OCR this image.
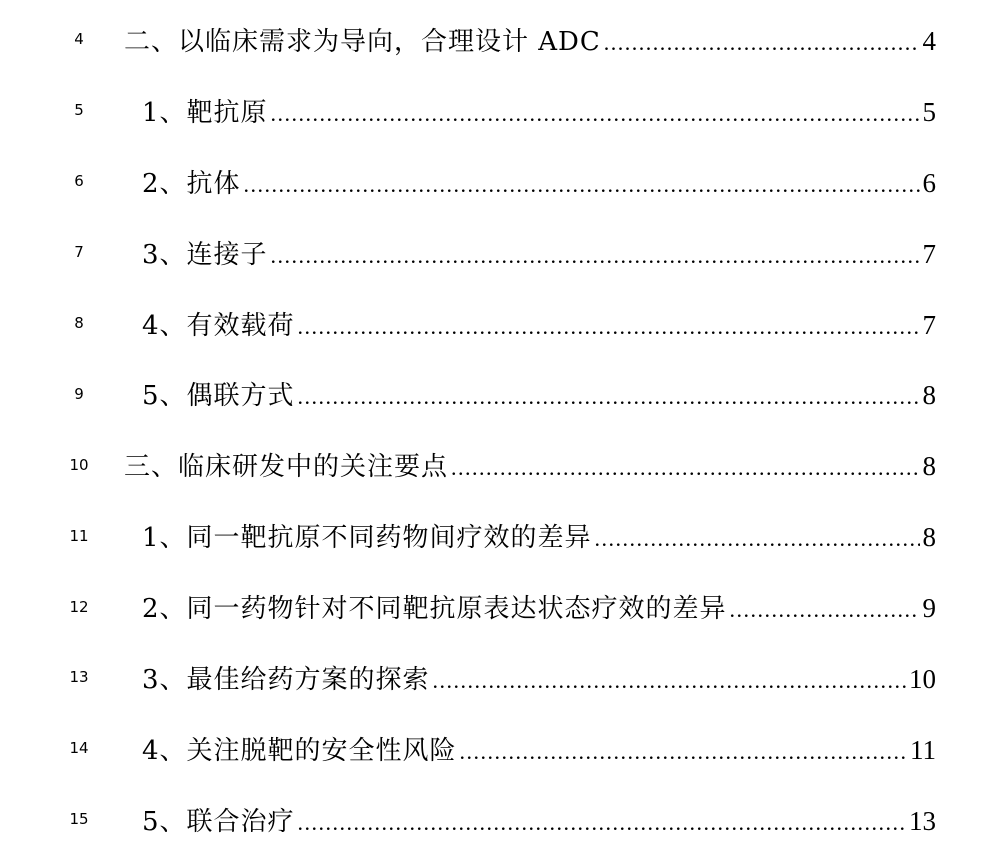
4	二、以临床需求为导向，合理设计 ADC .....	4
5	1、靶抗原 .....	5
6	2、抗体 .....	6
7	3、连接子 .....	7
8	4、有效载荷 .....	7
9	5、偶联方式 .....	8
10 三、临床研发中的关注要点 .....	8
11 1、同一靶抗原不同药物间疗效的差异 .....	8
12 2、同一药物针对不同靶抗原表达状态疗效的差异 .....	9
13 3、最佳给药方案的探索 .....	10
14 4、关注脱靶的安全性风险 .....	11
15 5、联合治疗 .....	13
